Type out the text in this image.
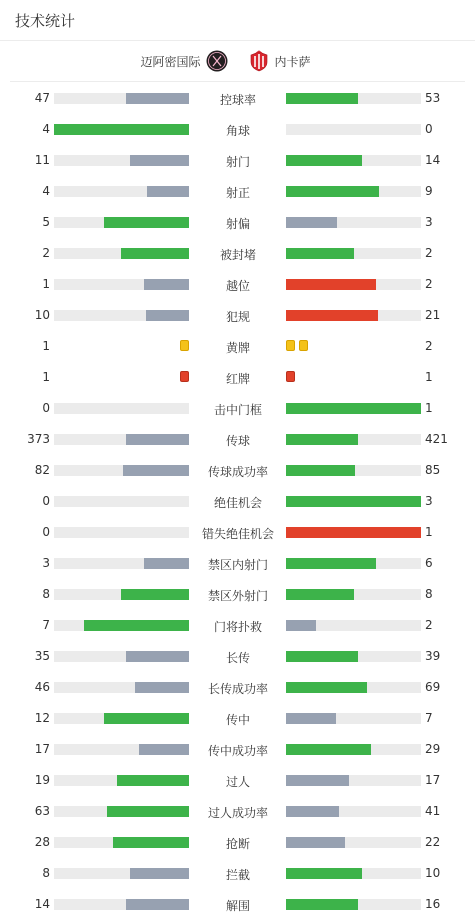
技术统计
迈阿密国际	内卡萨
47	控球率	53
4	角球	0
11	射门	14
4	射正	9
5	射偏	3
2	被封堵	2
1	越位	2
10	犯规	21
1	黄牌	2
1	红牌	1
0	击中门框	1
373	传球	421
82	传球成功率	85
0	绝佳机会	3
0	错失绝佳机会	1
3	禁区内射门	6
8	禁区外射门	8
7	门将扑救	2
35	长传	39
46	长传成功率	69
12	传中	7
17	传中成功率	29
19	过人	17
63	过人成功率	41
28	抢断	22
8	拦截	10
14	解围	16
